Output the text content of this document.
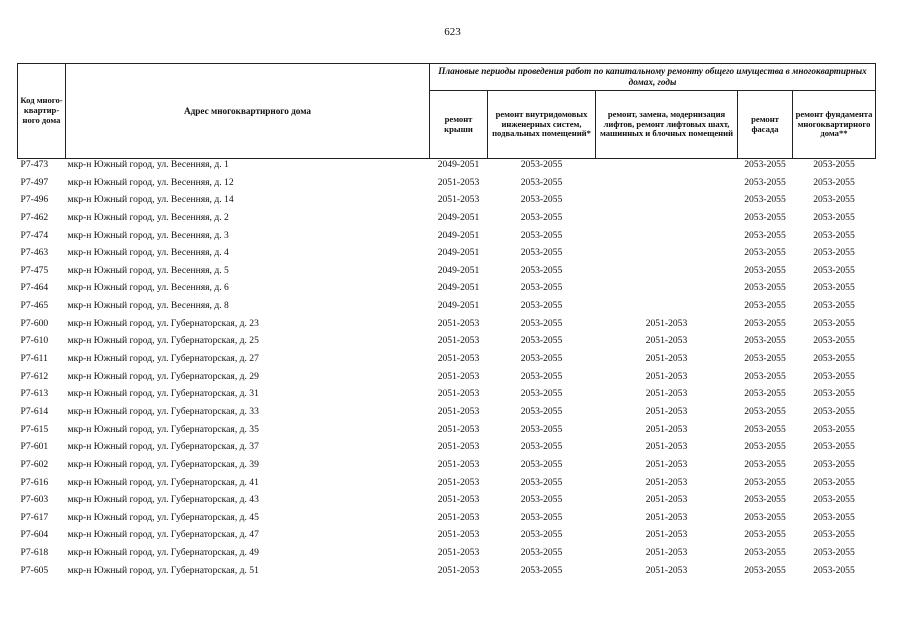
623
Код много-квартир-ного дома	Адрес многоквартирного дома	Плановые периоды проведения работ по капитальному ремонту общего имущества в многоквартирных домах, годы				
		ремонт крыши	ремонт внутридомовых инженерных систем, подвальных помещений*	ремонт, замена, модернизация лифтов, ремонт лифтовых шахт, машинных и блочных помещений	ремонт фасада	ремонт фундамента многоквартирного дома**
Р7-473	мкр-н Южный город, ул. Весенняя, д. 1	2049-2051	2053-2055		2053-2055	2053-2055
Р7-497	мкр-н Южный город, ул. Весенняя, д. 12	2051-2053	2053-2055		2053-2055	2053-2055
Р7-496	мкр-н Южный город, ул. Весенняя, д. 14	2051-2053	2053-2055		2053-2055	2053-2055
Р7-462	мкр-н Южный город, ул. Весенняя, д. 2	2049-2051	2053-2055		2053-2055	2053-2055
Р7-474	мкр-н Южный город, ул. Весенняя, д. 3	2049-2051	2053-2055		2053-2055	2053-2055
Р7-463	мкр-н Южный город, ул. Весенняя, д. 4	2049-2051	2053-2055		2053-2055	2053-2055
Р7-475	мкр-н Южный город, ул. Весенняя, д. 5	2049-2051	2053-2055		2053-2055	2053-2055
Р7-464	мкр-н Южный город, ул. Весенняя, д. 6	2049-2051	2053-2055		2053-2055	2053-2055
Р7-465	мкр-н Южный город, ул. Весенняя, д. 8	2049-2051	2053-2055		2053-2055	2053-2055
Р7-600	мкр-н Южный город, ул. Губернаторская, д. 23	2051-2053	2053-2055	2051-2053	2053-2055	2053-2055
Р7-610	мкр-н Южный город, ул. Губернаторская, д. 25	2051-2053	2053-2055	2051-2053	2053-2055	2053-2055
Р7-611	мкр-н Южный город, ул. Губернаторская, д. 27	2051-2053	2053-2055	2051-2053	2053-2055	2053-2055
Р7-612	мкр-н Южный город, ул. Губернаторская, д. 29	2051-2053	2053-2055	2051-2053	2053-2055	2053-2055
Р7-613	мкр-н Южный город, ул. Губернаторская, д. 31	2051-2053	2053-2055	2051-2053	2053-2055	2053-2055
Р7-614	мкр-н Южный город, ул. Губернаторская, д. 33	2051-2053	2053-2055	2051-2053	2053-2055	2053-2055
Р7-615	мкр-н Южный город, ул. Губернаторская, д. 35	2051-2053	2053-2055	2051-2053	2053-2055	2053-2055
Р7-601	мкр-н Южный город, ул. Губернаторская, д. 37	2051-2053	2053-2055	2051-2053	2053-2055	2053-2055
Р7-602	мкр-н Южный город, ул. Губернаторская, д. 39	2051-2053	2053-2055	2051-2053	2053-2055	2053-2055
Р7-616	мкр-н Южный город, ул. Губернаторская, д. 41	2051-2053	2053-2055	2051-2053	2053-2055	2053-2055
Р7-603	мкр-н Южный город, ул. Губернаторская, д. 43	2051-2053	2053-2055	2051-2053	2053-2055	2053-2055
Р7-617	мкр-н Южный город, ул. Губернаторская, д. 45	2051-2053	2053-2055	2051-2053	2053-2055	2053-2055
Р7-604	мкр-н Южный город, ул. Губернаторская, д. 47	2051-2053	2053-2055	2051-2053	2053-2055	2053-2055
Р7-618	мкр-н Южный город, ул. Губернаторская, д. 49	2051-2053	2053-2055	2051-2053	2053-2055	2053-2055
Р7-605	мкр-н Южный город, ул. Губернаторская, д. 51	2051-2053	2053-2055	2051-2053	2053-2055	2053-2055
